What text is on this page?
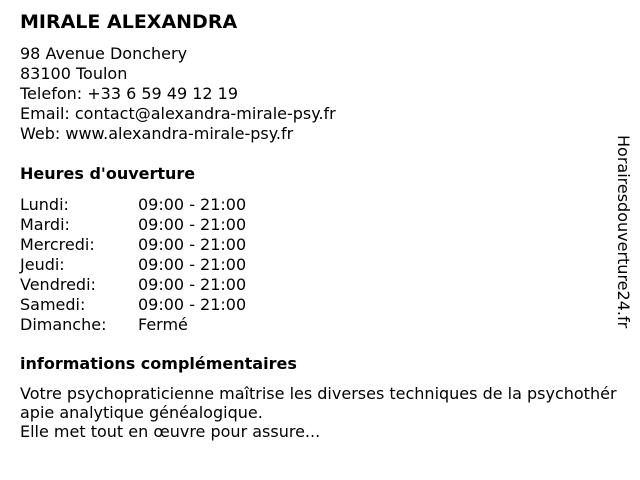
MIRALE ALEXANDRA
98 Avenue Donchery
83100 Toulon
Telefon: +33 6 59 49 12 19
Email: contact@alexandra-mirale-psy.fr
Web: www.alexandra-mirale-psy.fr
Heures d'ouverture
Lundi:	09:00 - 21:00
Mardi:	09:00 - 21:00
Mercredi:	09:00 - 21:00
Jeudi:	09:00 - 21:00
Vendredi:	09:00 - 21:00
Samedi:	09:00 - 21:00
Dimanche:	Fermé
informations complémentaires
Votre psychopraticienne maîtrise les diverses techniques de la psychothérapie analytique généalogique.
Elle met tout en œuvre pour assure...
Horairesdouverture24.fr
